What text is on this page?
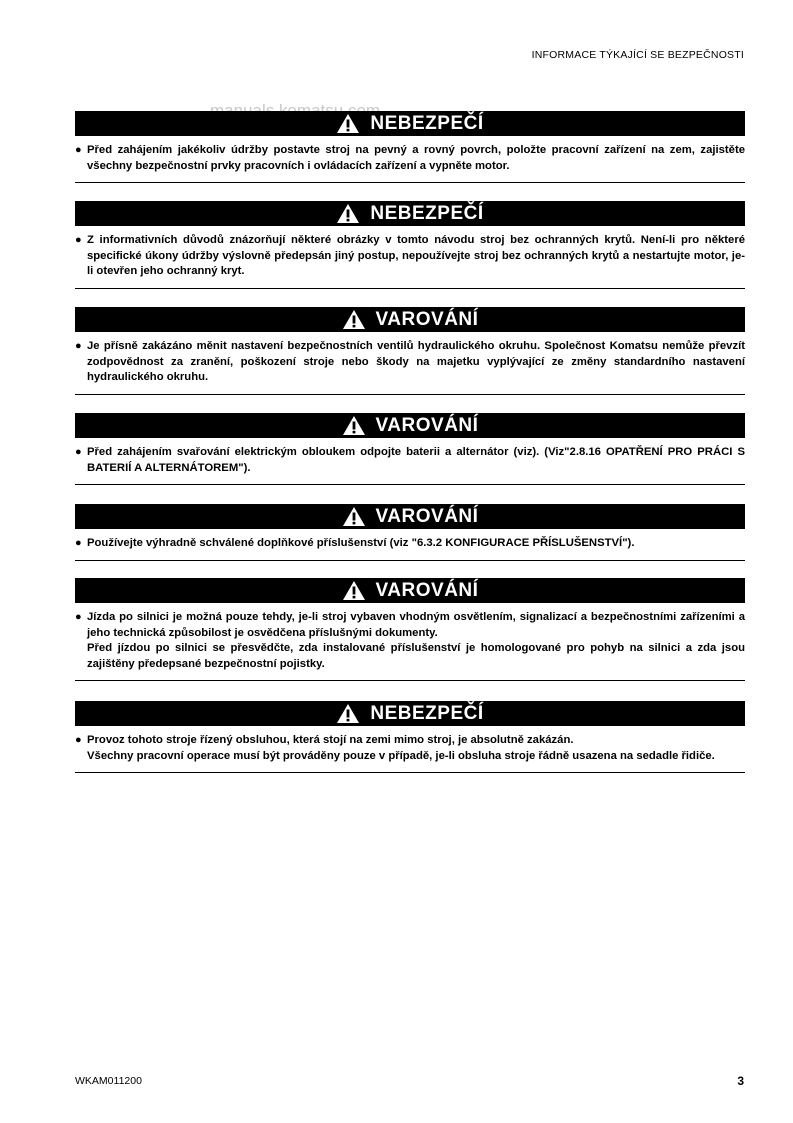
INFORMACE TÝKAJÍCÍ SE BEZPEČNOSTI
NEBEZPEČÍ
● Před zahájením jakékoliv údržby postavte stroj na pevný a rovný povrch, položte pracovní zařízení na zem, zajistěte všechny bezpečnostní prvky pracovních i ovládacích zařízení a vypněte motor.

NEBEZPEČÍ
● Z informativních důvodů znázorňují některé obrázky v tomto návodu stroj bez ochranných krytů. Není-li pro některé specifické úkony údržby výslovně předepsán jiný postup, nepoužívejte stroj bez ochranných krytů a nestartujte motor, je-li otevřen jeho ochranný kryt.

VAROVÁNÍ
● Je přísně zakázáno měnit nastavení bezpečnostních ventilů hydraulického okruhu. Společnost Komatsu nemůže převzít zodpovědnost za zranění, poškození stroje nebo škody na majetku vyplývající ze změny standardního nastavení hydraulického okruhu.

VAROVÁNÍ
● Před zahájením svařování elektrickým obloukem odpojte baterii a alternátor (viz). (Viz"2.8.16 OPATŘENÍ PRO PRÁCI S BATERIÍ A ALTERNÁTOREM").

VAROVÁNÍ
● Používejte výhradně schválené doplňkové příslušenství (viz "6.3.2 KONFIGURACE PŘÍSLUŠENSTVÍ").

VAROVÁNÍ
● Jízda po silnici je možná pouze tehdy, je-li stroj vybaven vhodným osvětlením, signalizací a bezpečnostními zařízeními a jeho technická způsobilost je osvědčena příslušnými dokumenty.

Před jízdou po silnici se přesvědčte, zda instalované příslušenství je homologované pro pohyb na silnici a zda jsou zajištěny předepsané bezpečnostní pojistky.

NEBEZPEČÍ
● Provoz tohoto stroje řízený obsluhou, která stojí na zemi mimo stroj, je absolutně zakázán.

Všechny pracovní operace musí být prováděny pouze v případě, je-li obsluha stroje řádně usazena na sedadle řidiče.

WKAM011200	3
